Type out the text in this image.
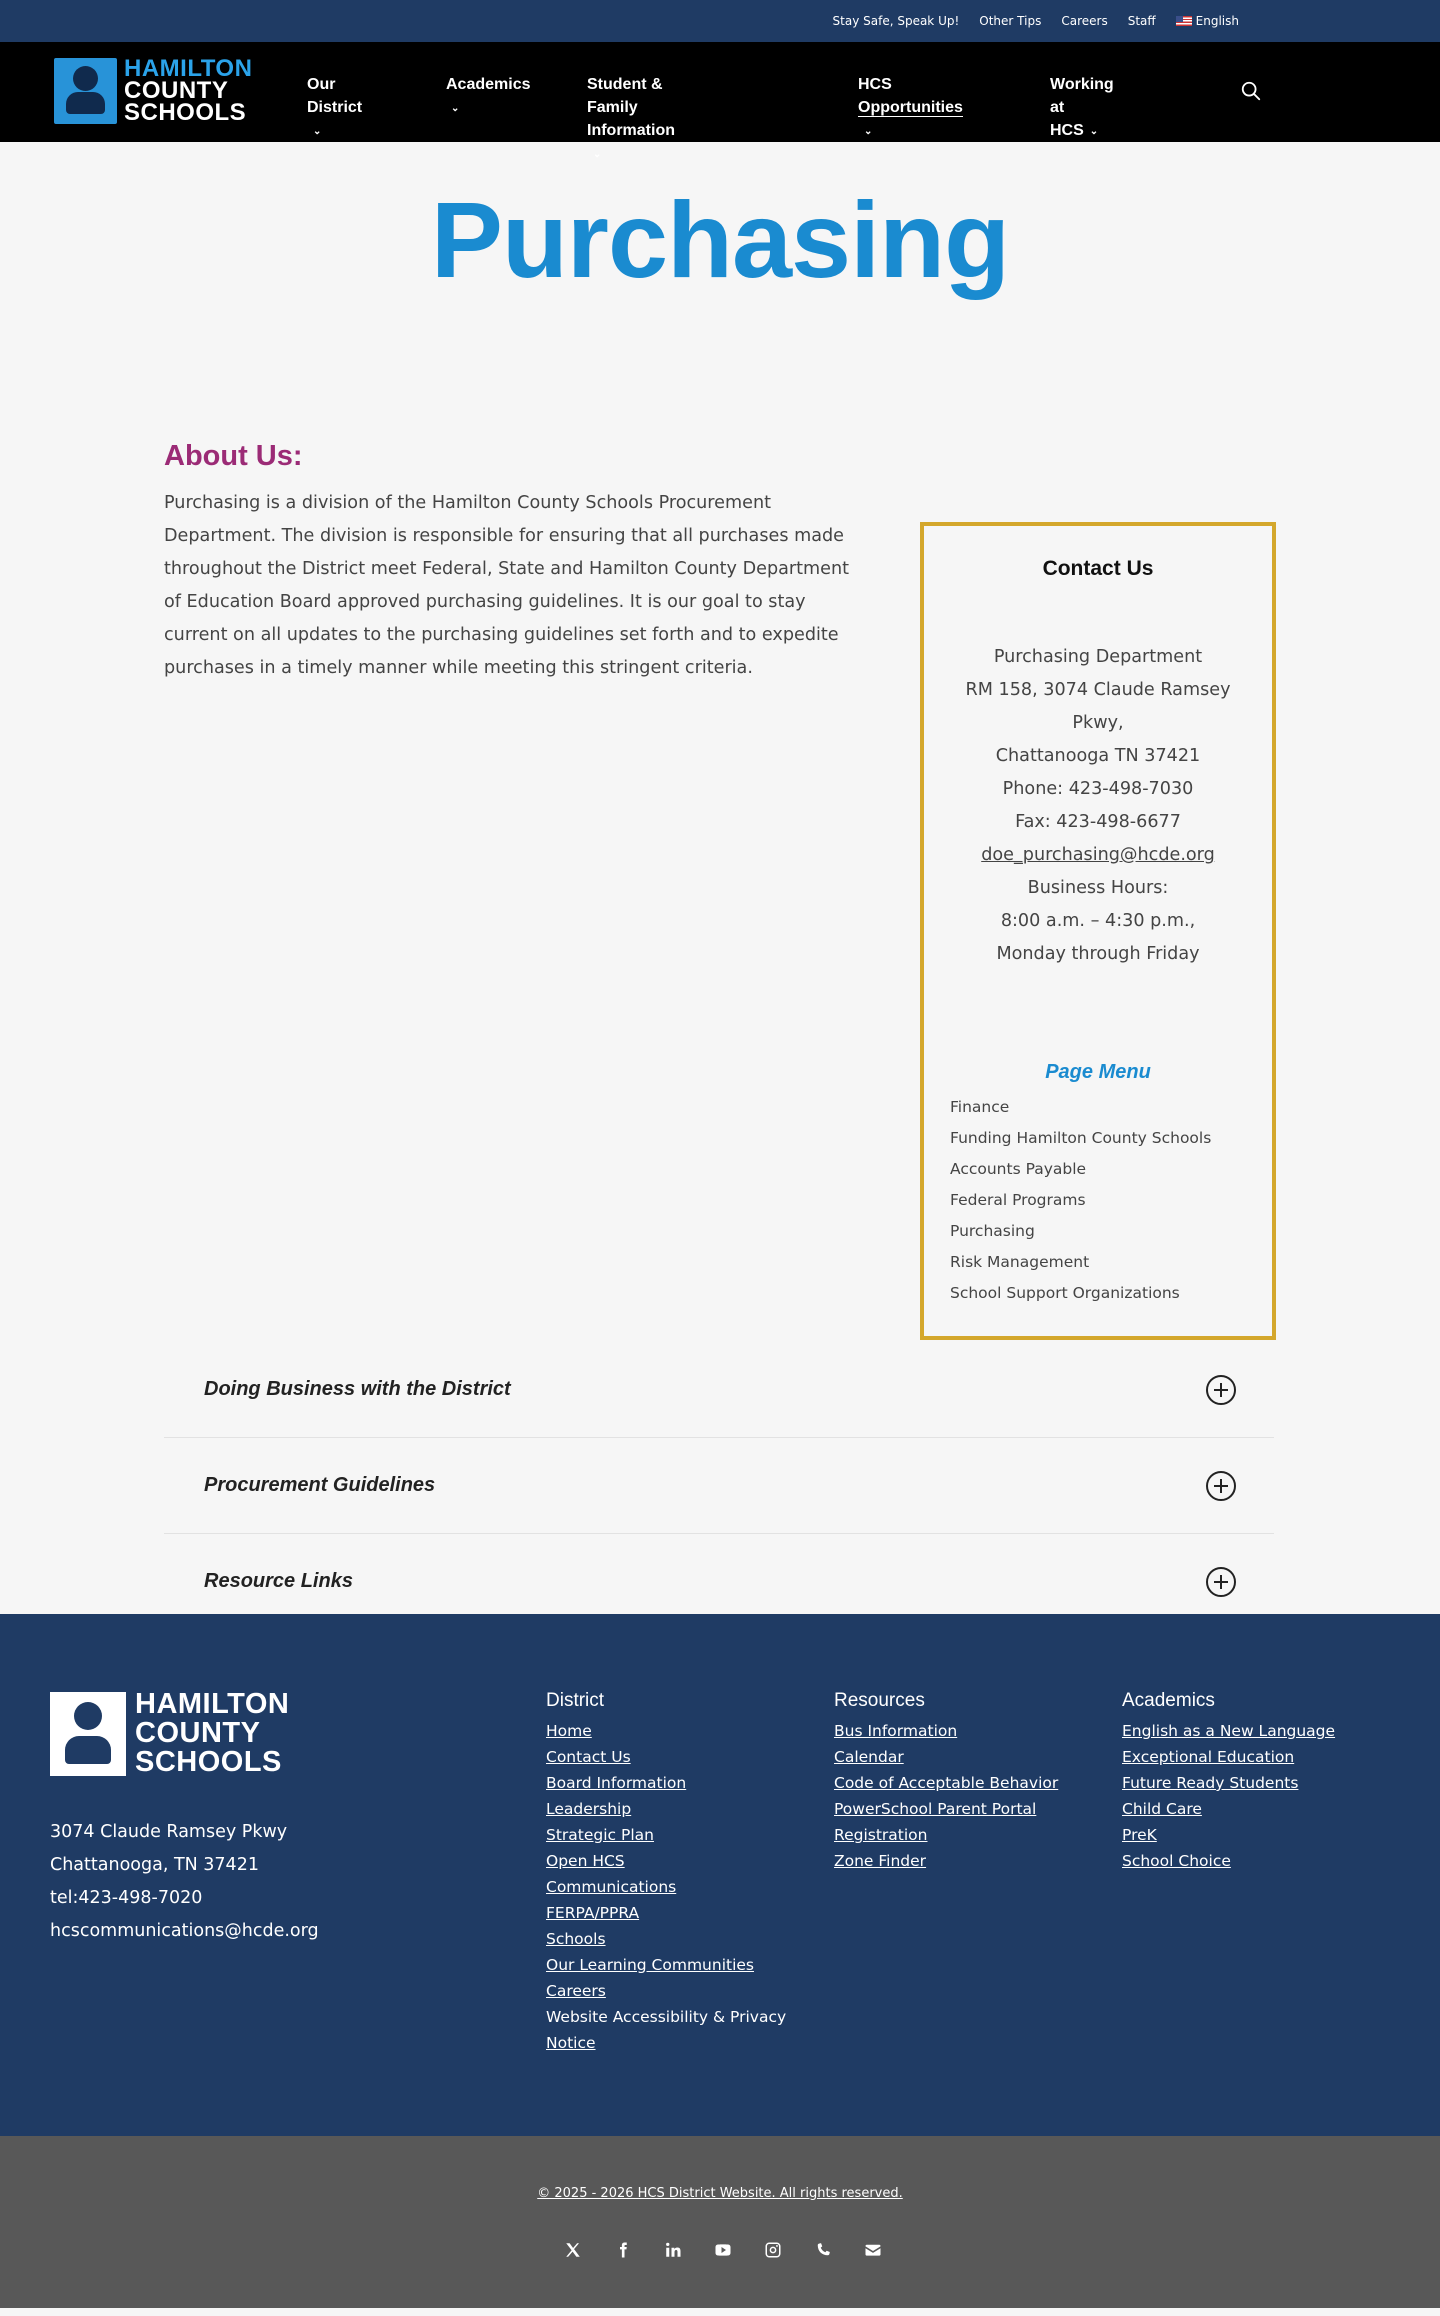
Stay Safe, Speak Up! Other Tips Careers Staff	English
HAMILTON
COUNTY
SCHOOLS
Our
District⌄
Academics
⌄
Student & Family
Information⌄
HCS
Opportunities⌄
Working at
HCS ⌄
Purchasing
About Us:

Purchasing is a division of the Hamilton County Schools Procurement Department. The division is responsible for ensuring that all purchases made throughout the District meet Federal, State and Hamilton County Department of Education Board approved purchasing guidelines. It is our goal to stay current on all updates to the purchasing guidelines set forth and to expedite purchases in a timely manner while meeting this stringent criteria.

Contact Us
Purchasing Department
RM 158, 3074 Claude Ramsey
Pkwy,
Chattanooga TN 37421
Phone: 423-498-7030
Fax: 423-498-6677
doe_purchasing@hcde.org
Business Hours:
8:00 a.m. – 4:30 p.m.,
Monday through Friday
Page Menu
Finance
Funding Hamilton County Schools
Accounts Payable
Federal Programs
Purchasing
Risk Management
School Support Organizations
Doing Business with the District
Procurement Guidelines
Resource Links
HAMILTON
COUNTY
SCHOOLS
3074 Claude Ramsey Pkwy
Chattanooga, TN 37421
tel:423-498-7020
hcscommunications@hcde.org
District
Home
Contact Us
Board Information
Leadership
Strategic Plan
Open HCS
Communications
FERPA/PPRA
Schools
Our Learning Communities
Careers
Website Accessibility & Privacy
Notice
Resources
Bus Information
Calendar
Code of Acceptable Behavior
PowerSchool Parent Portal
Registration
Zone Finder
Academics
English as a New Language
Exceptional Education
Future Ready Students
Child Care
PreK
School Choice
© 2025 - 2026 HCS District Website. All rights reserved.
